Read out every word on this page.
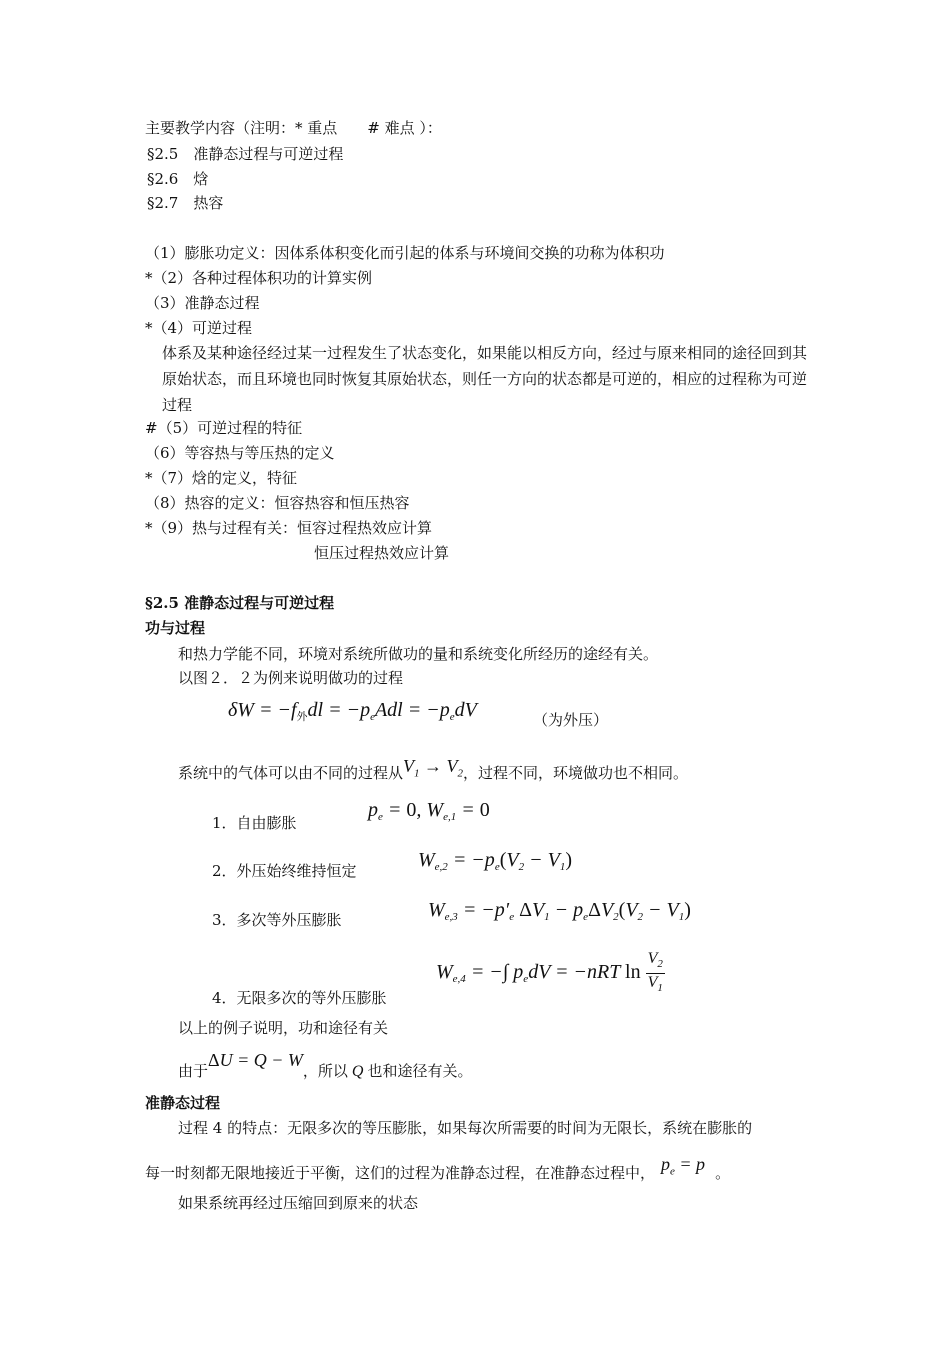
主要教学内容（注明：* 重点　　# 难点 ）：
§2.5　准静态过程与可逆过程
§2.6　焓
§2.7　热容
（1）膨胀功定义：因体系体积变化而引起的体系与环境间交换的功称为体积功
*（2）各种过程体积功的计算实例
（3）准静态过程
*（4）可逆过程
体系及某种途径经过某一过程发生了状态变化，如果能以相反方向，经过与原来相同的途径回到其原始状态，而且环境也同时恢复其原始状态，则任一方向的状态都是可逆的，相应的过程称为可逆过程
#（5）可逆过程的特征
（6）等容热与等压热的定义
*（7）焓的定义，特征
（8）热容的定义：恒容热容和恒压热容
*（9）热与过程有关：恒容过程热效应计算
恒压过程热效应计算
§2.5 准静态过程与可逆过程
功与过程
和热力学能不同，环境对系统所做功的量和系统变化所经历的途经有关。
以图２．２为例来说明做功的过程
$\delta W = -f_外dl = -p_eAdl = -p_edV$	（为外压）
系统中的气体可以由不同的过程从$V_1 \to V_2$，过程不同，环境做功也不相同。
1．自由膨胀
$p_e = 0$, $W_{e,1} = 0$
2．外压始终维持恒定	$W_{e,2} = -p_e(V_2 - V_1)$
3．多次等外压膨胀	$W_{e,3} = -p'_e$ $\Delta V_1 - p_e\Delta V_2(V_2 - V_1)$
$W_{e,4}$ = −∫ $p_edV = -nRT$ $\ln \frac{V_2}{V_1}$
4．无限多次的等外压膨胀
以上的例子说明，功和途径有关
由于ΔU = Q − W，所以 Q 也和途径有关。
准静态过程
过程 4 的特点：无限多次的等压膨胀，如果每次所需要的时间为无限长，系统在膨胀的
每一时刻都无限地接近于平衡，这们的过程为准静态过程，在准静态过程中， $p_e = p$ 。
如果系统再经过压缩回到原来的状态
